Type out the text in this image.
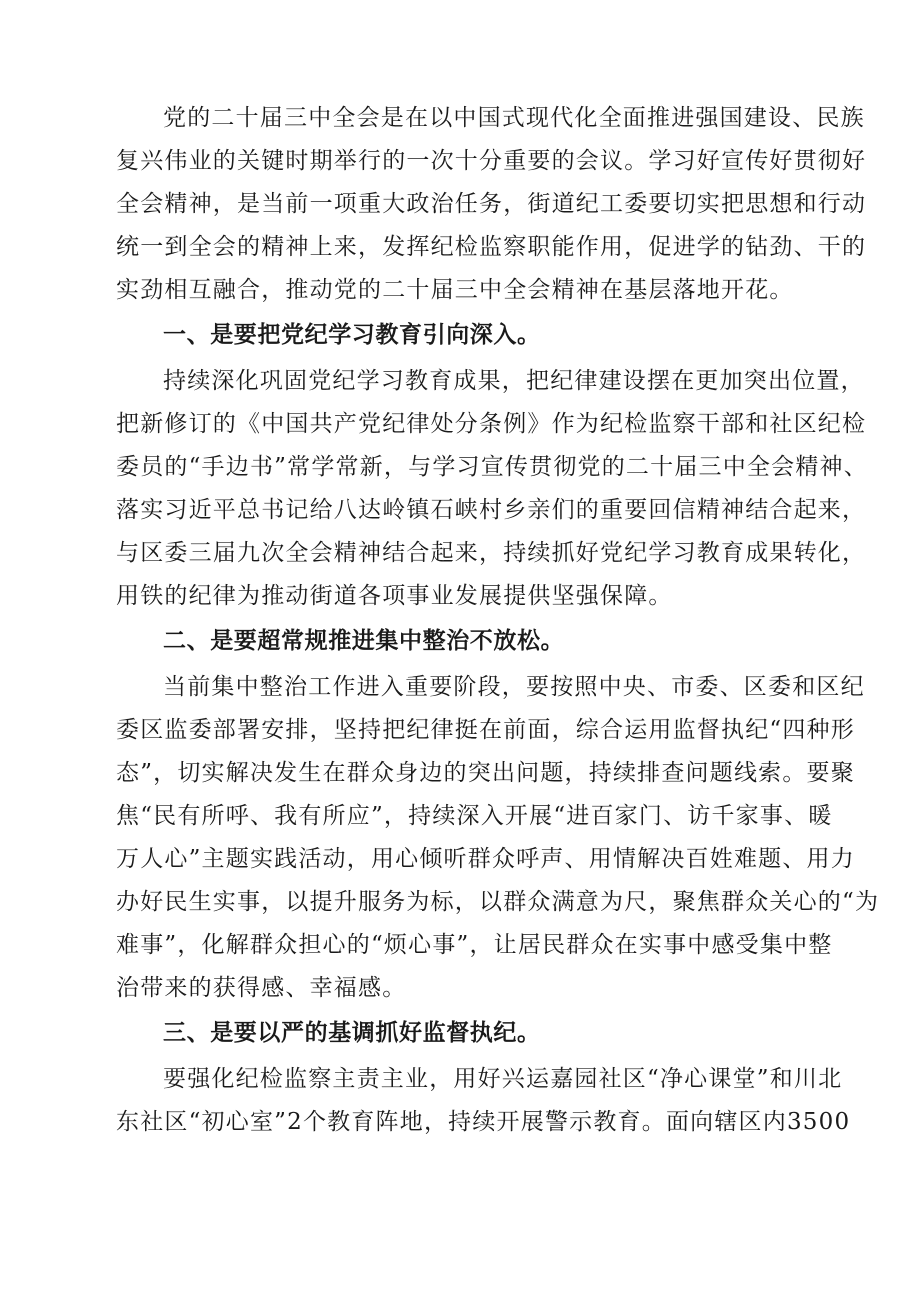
党的二十届三中全会是在以中国式现代化全面推进强国建设、民族
复兴伟业的关键时期举行的一次十分重要的会议。学习好宣传好贯彻好
全会精神，是当前一项重大政治任务，街道纪工委要切实把思想和行动
统一到全会的精神上来，发挥纪检监察职能作用，促进学的钻劲、干的
实劲相互融合，推动党的二十届三中全会精神在基层落地开花。
一、是要把党纪学习教育引向深入。
持续深化巩固党纪学习教育成果，把纪律建设摆在更加突出位置，
把新修订的《中国共产党纪律处分条例》作为纪检监察干部和社区纪检
委员的“手边书”常学常新，与学习宣传贯彻党的二十届三中全会精神、
落实习近平总书记给八达岭镇石峡村乡亲们的重要回信精神结合起来，
与区委三届九次全会精神结合起来，持续抓好党纪学习教育成果转化，
用铁的纪律为推动街道各项事业发展提供坚强保障。
二、是要超常规推进集中整治不放松。
当前集中整治工作进入重要阶段，要按照中央、市委、区委和区纪
委区监委部署安排，坚持把纪律挺在前面，综合运用监督执纪“四种形
态”，切实解决发生在群众身边的突出问题，持续排查问题线索。要聚
焦“民有所呼、我有所应”，持续深入开展“进百家门、访千家事、暖
万人心”主题实践活动，用心倾听群众呼声、用情解决百姓难题、用力
办好民生实事，以提升服务为标，以群众满意为尺，聚焦群众关心的“为
难事”，化解群众担心的“烦心事”，让居民群众在实事中感受集中整
治带来的获得感、幸福感。
三、是要以严的基调抓好监督执纪。
要强化纪检监察主责主业，用好兴运嘉园社区“净心课堂”和川北
东社区“初心室”2个教育阵地，持续开展警示教育。面向辖区内3500
